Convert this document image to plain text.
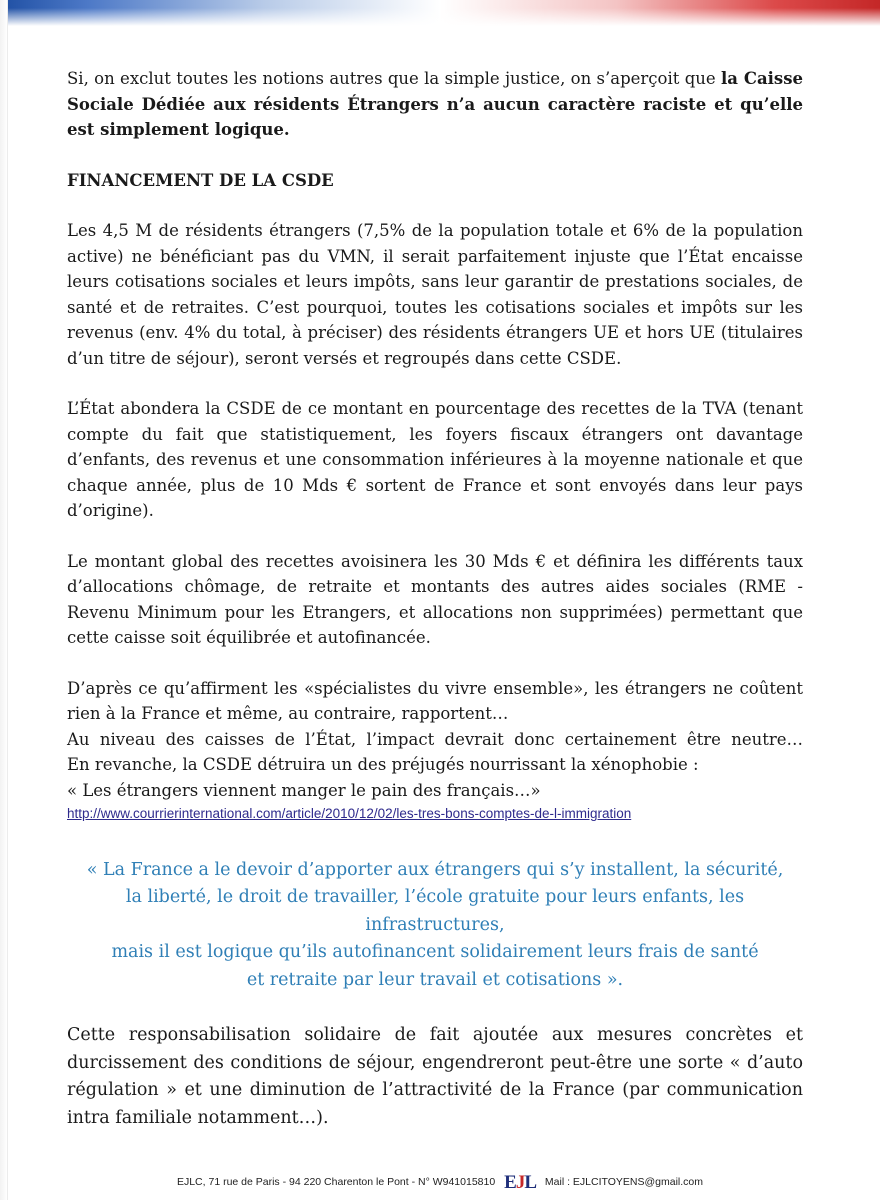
Si, on exclut toutes les notions autres que la simple justice, on s’aperçoit que la Caisse Sociale Dédiée aux résidents Étrangers n’a aucun caractère raciste et qu’elle est simplement logique.

FINANCEMENT DE LA CSDE

Les 4,5 M de résidents étrangers (7,5% de la population totale et 6% de la population active) ne bénéficiant pas du VMN, il serait parfaitement injuste que l’État encaisse leurs cotisations sociales et leurs impôts, sans leur garantir de prestations sociales, de santé et de retraites. C’est pourquoi, toutes les cotisations sociales et impôts sur les revenus (env. 4% du total, à préciser) des résidents étrangers UE et hors UE (titulaires d’un titre de séjour), seront versés et regroupés dans cette CSDE.

L’État abondera la CSDE de ce montant en pourcentage des recettes de la TVA (tenant compte du fait que statistiquement, les foyers fiscaux étrangers ont davantage d’enfants, des revenus et une consommation inférieures à la moyenne nationale et que chaque année, plus de 10 Mds € sortent de France et sont envoyés dans leur pays d’origine).

Le montant global des recettes avoisinera les 30 Mds € et définira les différents taux d’allocations chômage, de retraite et montants des autres aides sociales (RME - Revenu Minimum pour les Etrangers, et allocations non supprimées) permettant que cette caisse soit équilibrée et autofinancée.

D’après ce qu’affirment les «spécialistes du vivre ensemble», les étrangers ne coûtent rien à la France et même, au contraire, rapportent…

Au niveau des caisses de l’État, l’impact devrait donc certainement être neutre…

En revanche, la CSDE détruira un des préjugés nourrissant la xénophobie :

« Les étrangers viennent manger le pain des français…»

http://www.courrierinternational.com/article/2010/12/02/les-tres-bons-comptes-de-l-immigration

« La France a le devoir d’apporter aux étrangers qui s’y installent, la sécurité,

la liberté, le droit de travailler, l’école gratuite pour leurs enfants, les infrastructures,

mais il est logique qu’ils autofinancent solidairement leurs frais de santé

et retraite par leur travail et cotisations ».

Cette responsabilisation solidaire de fait ajoutée aux mesures concrètes et durcissement des conditions de séjour, engendreront peut-être une sorte « d’auto régulation » et une diminution de l’attractivité de la France (par communication intra familiale notamment…).

EJLC, 71 rue de Paris - 94 220 Charenton le Pont - N° W941015810 EJL Mail : EJLCITOYENS@gmail.com
